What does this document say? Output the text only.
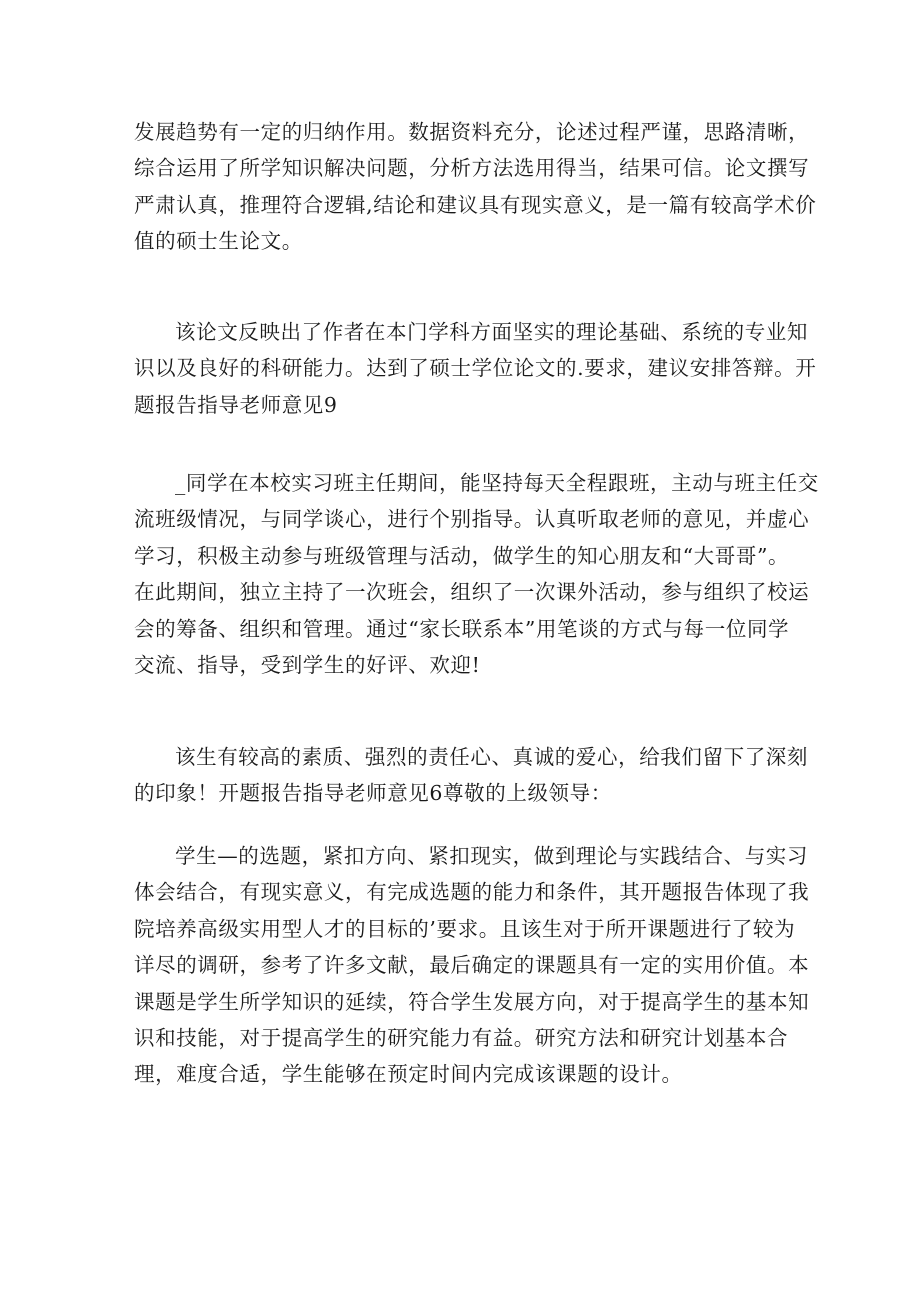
发展趋势有一定的归纳作用。数据资料充分，论述过程严谨，思路清晰，
综合运用了所学知识解决问题，分析方法选用得当，结果可信。论文撰写
严肃认真，推理符合逻辑,结论和建议具有现实意义，是一篇有较高学术价
值的硕士生论文。
该论文反映出了作者在本门学科方面坚实的理论基础、系统的专业知
识以及良好的科研能力。达到了硕士学位论文的.要求，建议安排答辩。开
题报告指导老师意见9
_同学在本校实习班主任期间，能坚持每天全程跟班，主动与班主任交
流班级情况，与同学谈心，进行个别指导。认真听取老师的意见，并虚心
学习，积极主动参与班级管理与活动，做学生的知心朋友和“大哥哥”。
在此期间，独立主持了一次班会，组织了一次课外活动，参与组织了校运
会的筹备、组织和管理。通过“家长联系本”用笔谈的方式与每一位同学
交流、指导，受到学生的好评、欢迎!
该生有较高的素质、强烈的责任心、真诚的爱心，给我们留下了深刻
的印象！开题报告指导老师意见6尊敬的上级领导：
学生—的选题，紧扣方向、紧扣现实，做到理论与实践结合、与实习
体会结合，有现实意义，有完成选题的能力和条件，其开题报告体现了我
院培养高级实用型人才的目标的’要求。且该生对于所开课题进行了较为
详尽的调研，参考了许多文献，最后确定的课题具有一定的实用价值。本
课题是学生所学知识的延续，符合学生发展方向，对于提高学生的基本知
识和技能，对于提高学生的研究能力有益。研究方法和研究计划基本合
理，难度合适，学生能够在预定时间内完成该课题的设计。
